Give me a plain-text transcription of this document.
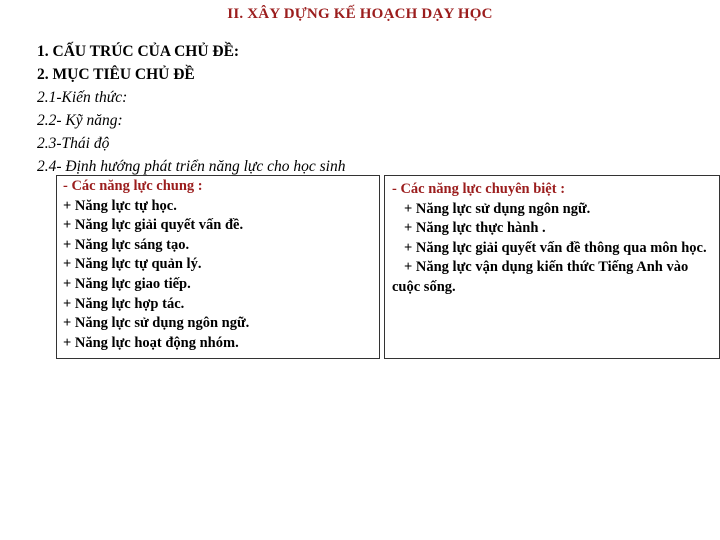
II. XÂY DỰNG KẾ HOẠCH DẠY HỌC
1. CẤU TRÚC CỦA CHỦ ĐỀ:
2. MỤC TIÊU CHỦ ĐỀ
2.1-Kiến thức:
2.2- Kỹ năng:
2.3-Thái độ
2.4- Định hướng phát triển năng lực cho học sinh
- Các năng lực chung :
+ Năng lực tự học.
+ Năng lực giải quyết vấn đề.
+ Năng lực sáng tạo.
+ Năng lực tự quản lý.
+ Năng lực giao tiếp.
+ Năng lực hợp tác.
+ Năng lực sử dụng ngôn ngữ.
+ Năng lực hoạt động nhóm.
- Các năng lực chuyên biệt :
+ Năng lực sử dụng ngôn ngữ.
+ Năng lực thực hành .
+ Năng lực giải quyết vấn đề thông qua môn học.
+ Năng lực vận dụng kiến thức Tiếng Anh vào cuộc sống.
